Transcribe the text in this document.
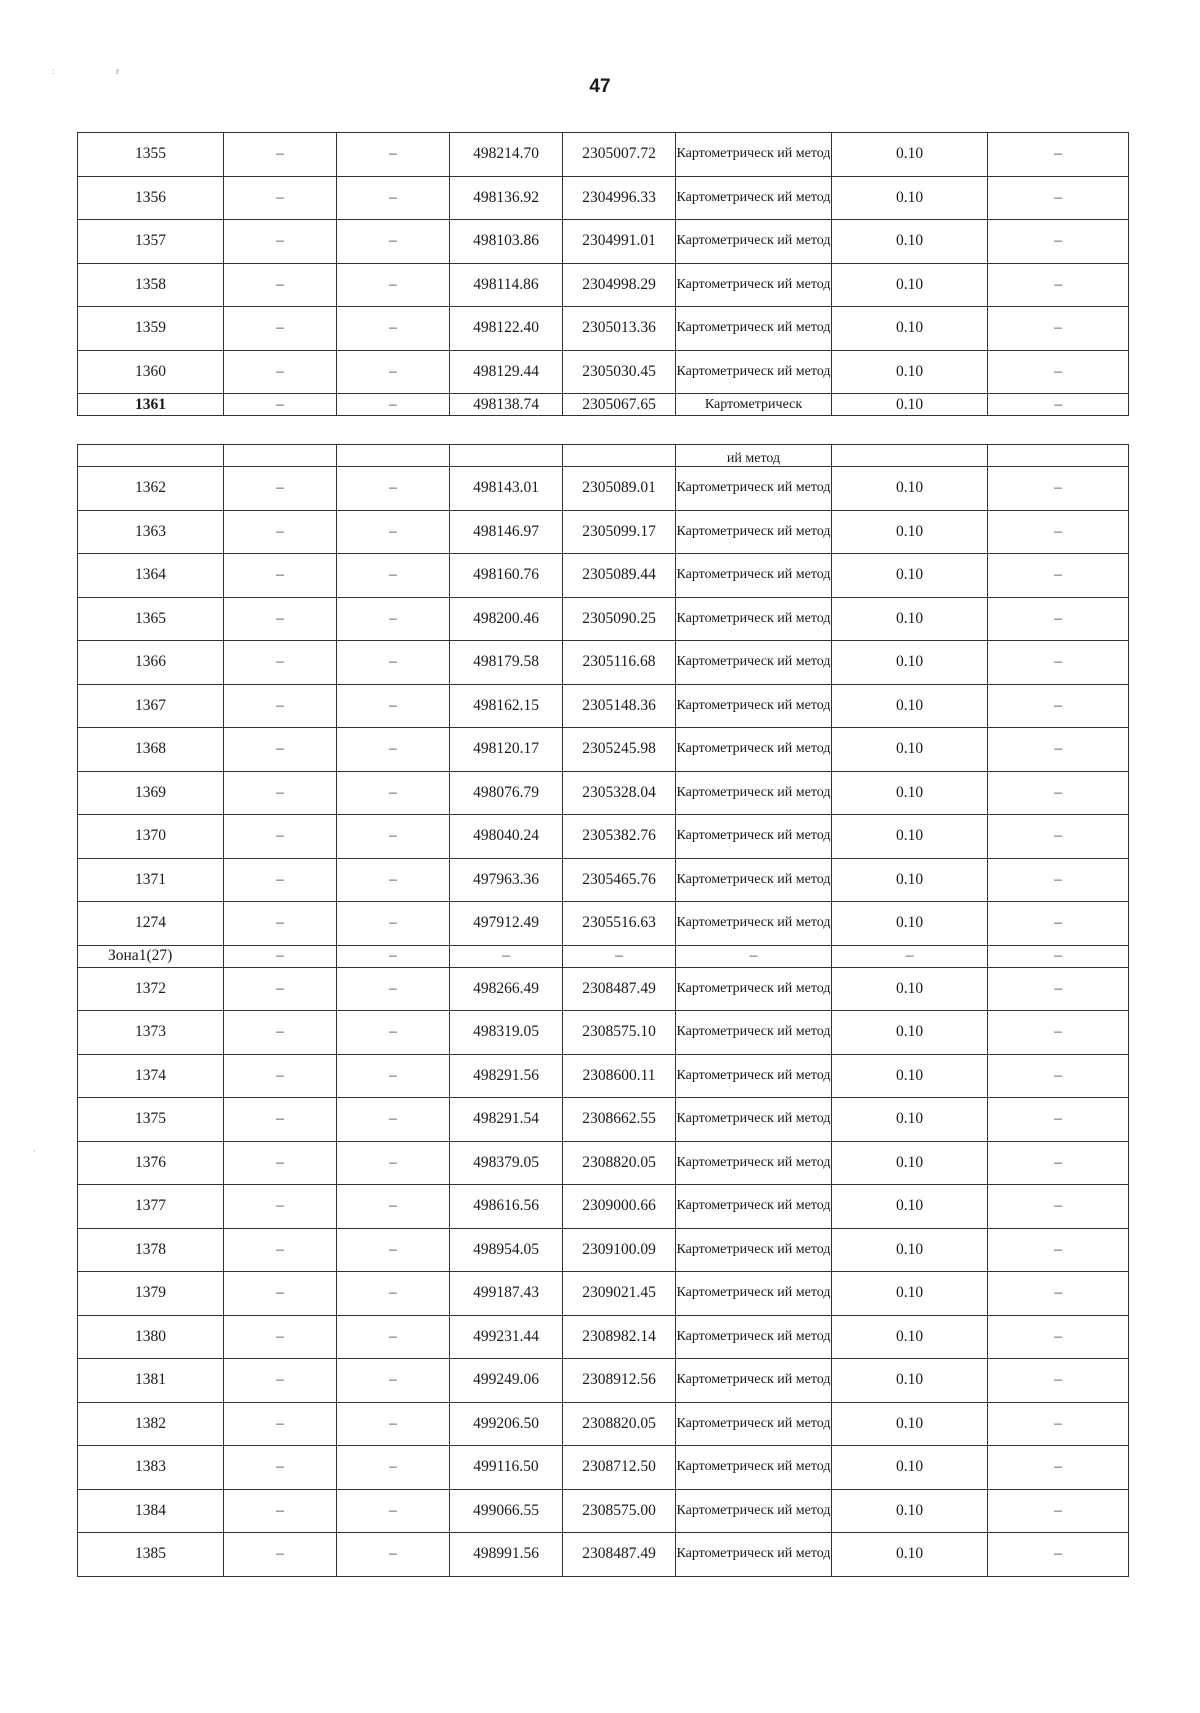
47
:	r
·
1355	–	–	498214.70	2305007.72	Картометрическ ий метод	0.10	–
1356	–	–	498136.92	2304996.33	Картометрическ ий метод	0.10	–
1357	–	–	498103.86	2304991.01	Картометрическ ий метод	0.10	–
1358	–	–	498114.86	2304998.29	Картометрическ ий метод	0.10	–
1359	–	–	498122.40	2305013.36	Картометрическ ий метод	0.10	–
1360	–	–	498129.44	2305030.45	Картометрическ ий метод	0.10	–
1361	–	–	498138.74	2305067.65	Картометрическ	0.10	–
					ий метод		
1362	–	–	498143.01	2305089.01	Картометрическ ий метод	0.10	–
1363	–	–	498146.97	2305099.17	Картометрическ ий метод	0.10	–
1364	–	–	498160.76	2305089.44	Картометрическ ий метод	0.10	–
1365	–	–	498200.46	2305090.25	Картометрическ ий метод	0.10	–
1366	–	–	498179.58	2305116.68	Картометрическ ий метод	0.10	–
1367	–	–	498162.15	2305148.36	Картометрическ ий метод	0.10	–
1368	–	–	498120.17	2305245.98	Картометрическ ий метод	0.10	–
1369	–	–	498076.79	2305328.04	Картометрическ ий метод	0.10	–
1370	–	–	498040.24	2305382.76	Картометрическ ий метод	0.10	–
1371	–	–	497963.36	2305465.76	Картометрическ ий метод	0.10	–
1274	–	–	497912.49	2305516.63	Картометрическ ий метод	0.10	–
Зона1(27)	–	–	–	–	–	–	–
1372	–	–	498266.49	2308487.49	Картометрическ ий метод	0.10	–
1373	–	–	498319.05	2308575.10	Картометрическ ий метод	0.10	–
1374	–	–	498291.56	2308600.11	Картометрическ ий метод	0.10	–
1375	–	–	498291.54	2308662.55	Картометрическ ий метод	0.10	–
1376	–	–	498379.05	2308820.05	Картометрическ ий метод	0.10	–
1377	–	–	498616.56	2309000.66	Картометрическ ий метод	0.10	–
1378	–	–	498954.05	2309100.09	Картометрическ ий метод	0.10	–
1379	–	–	499187.43	2309021.45	Картометрическ ий метод	0.10	–
1380	–	–	499231.44	2308982.14	Картометрическ ий метод	0.10	–
1381	–	–	499249.06	2308912.56	Картометрическ ий метод	0.10	–
1382	–	–	499206.50	2308820.05	Картометрическ ий метод	0.10	–
1383	–	–	499116.50	2308712.50	Картометрическ ий метод	0.10	–
1384	–	–	499066.55	2308575.00	Картометрическ ий метод	0.10	–
1385	–	–	498991.56	2308487.49	Картометрическ ий метод	0.10	–
